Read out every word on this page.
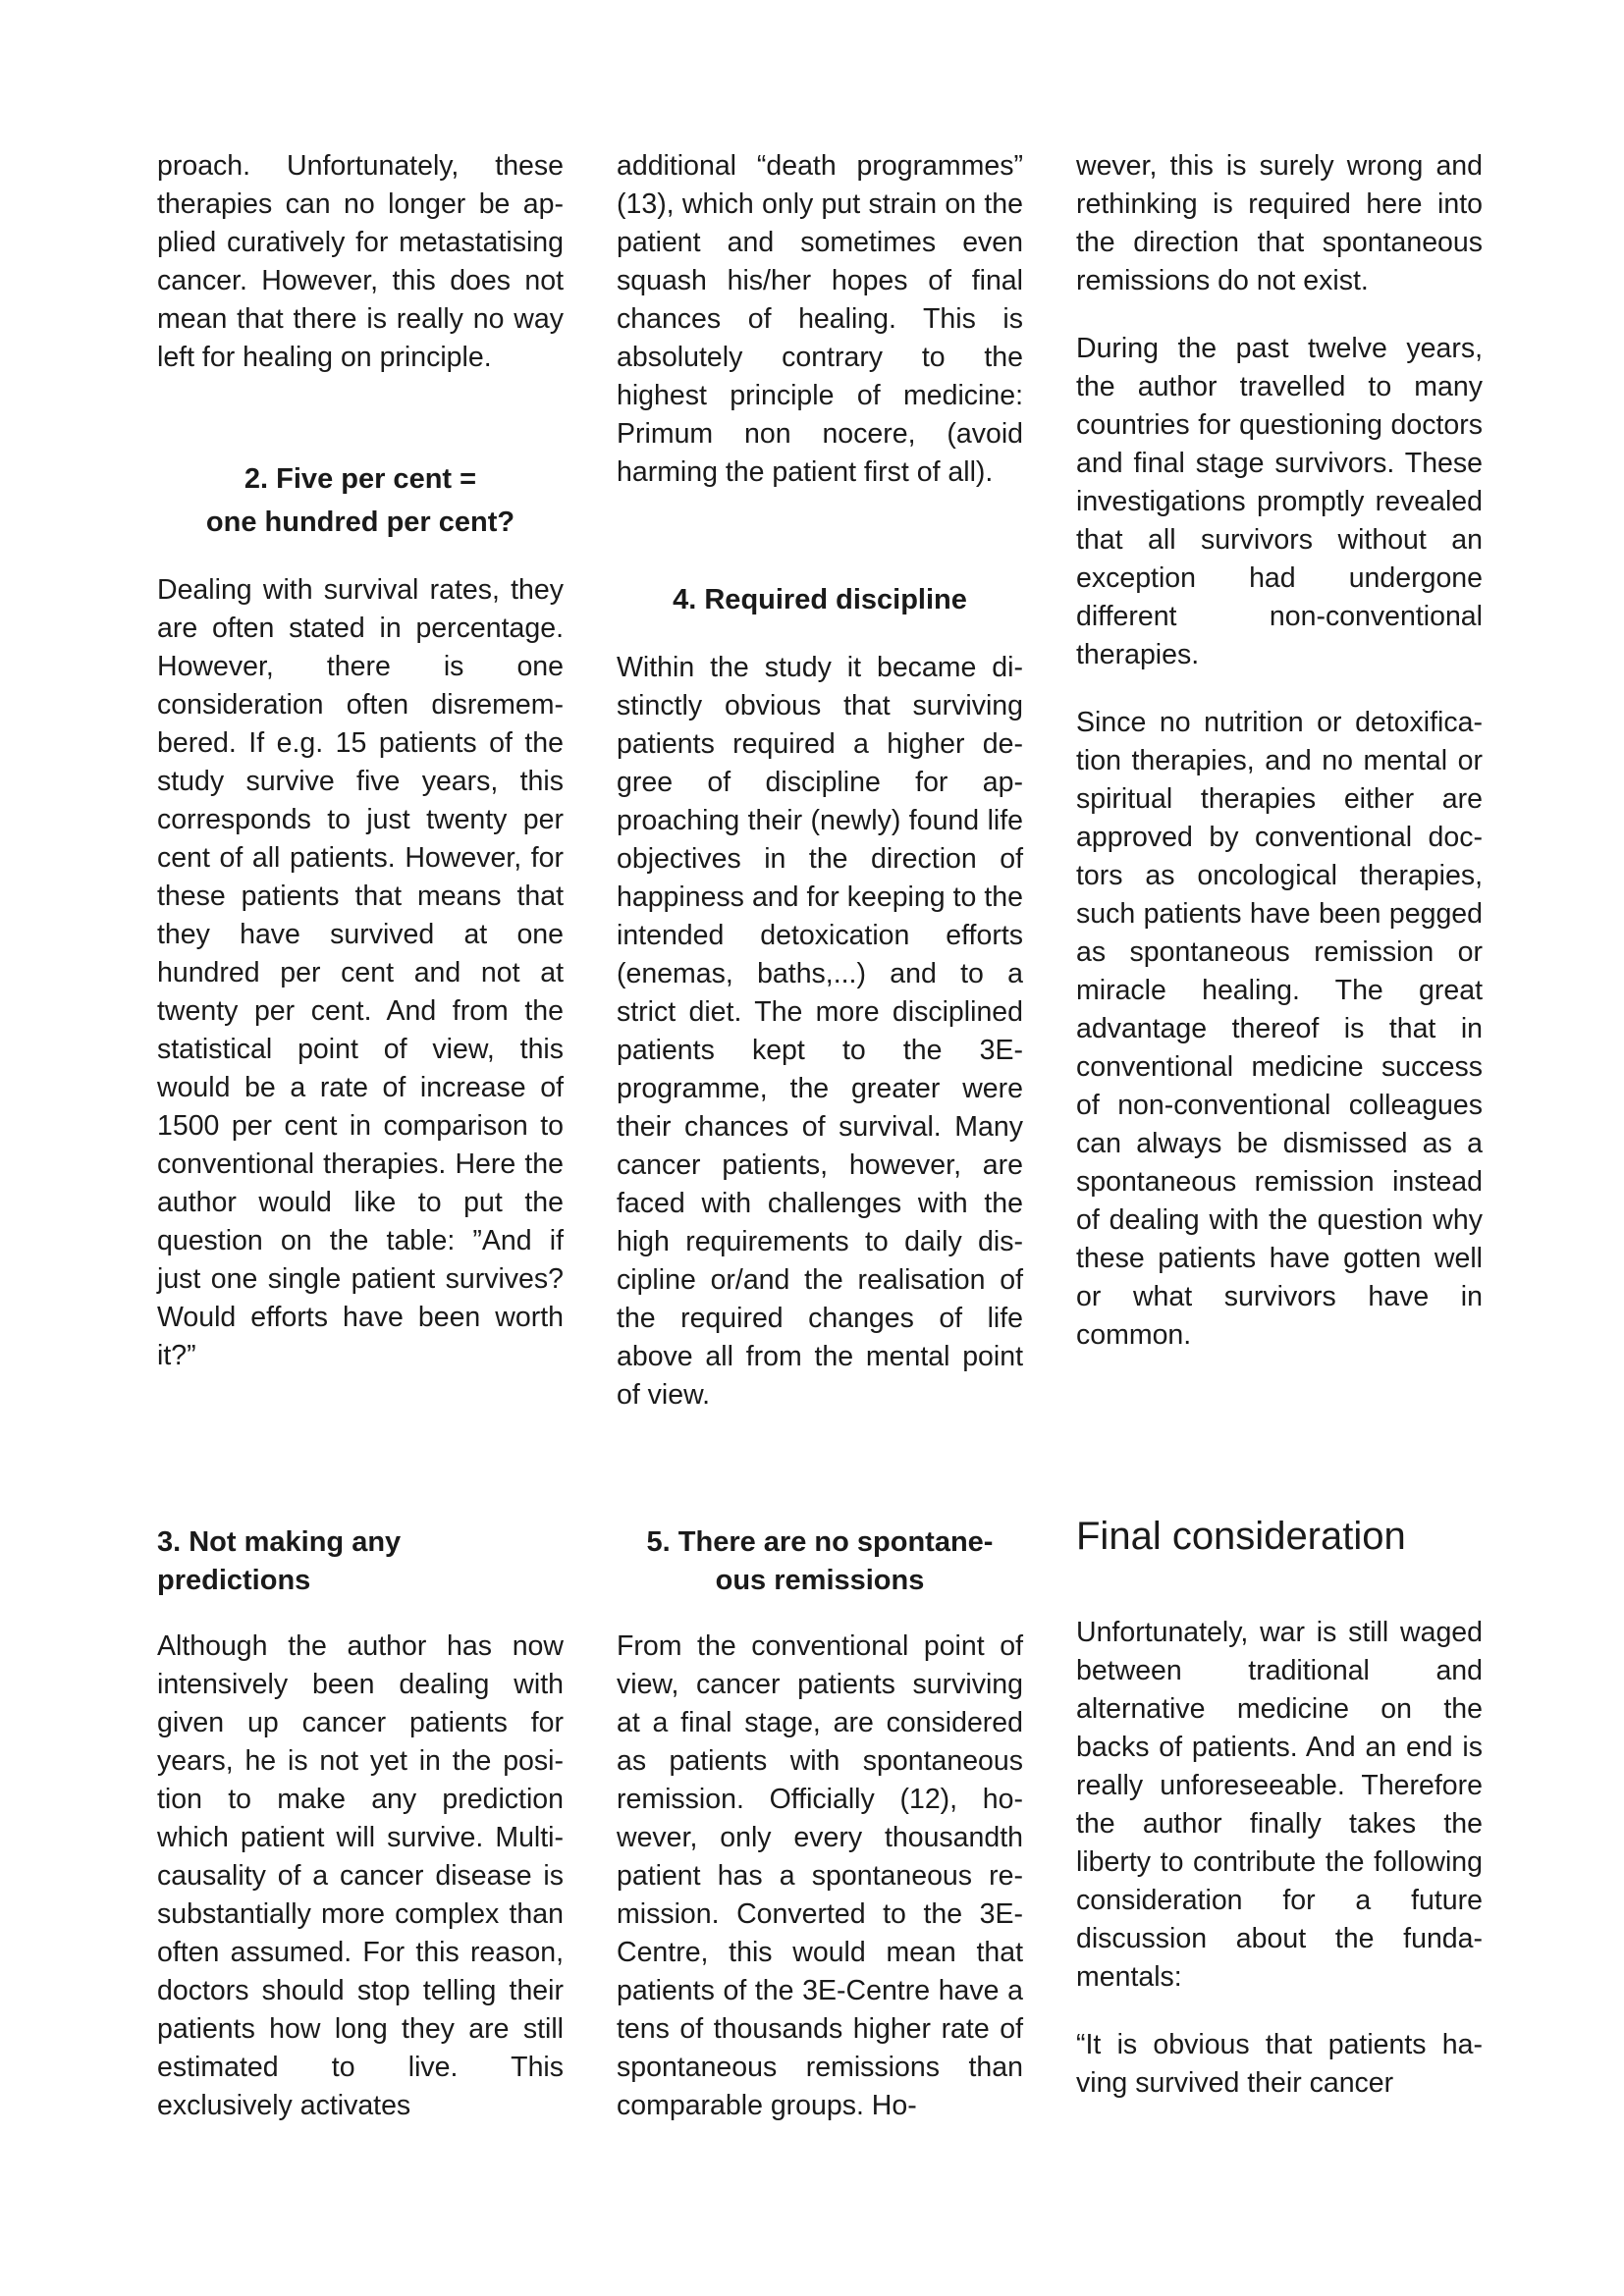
proach. Unfortunately, these therapies can no longer be applied curatively for metastatising cancer. However, this does not mean that there is really no way left for healing on principle.

2. Five per cent =
one hundred per cent?

Dealing with survival rates, they are often stated in percentage. However, there is one consideration often disremembered. If e.g. 15 patients of the study survive five years, this corresponds to just twenty per cent of all patients. However, for these patients that means that they have survived at one hundred per cent and not at twenty per cent. And from the statistical point of view, this would be a rate of increase of 1500 per cent in comparison to conventional therapies. Here the author would like to put the question on the table: ”And if just one single patient survives? Would efforts have been worth it?”

additional “death programmes” (13), which only put strain on the patient and sometimes even squash his/her hopes of final chances of healing. This is absolutely contrary to the highest principle of medicine: Primum non nocere, (avoid harming the patient first of all).

4. Required discipline

Within the study it became distinctly obvious that surviving patients required a higher degree of discipline for approaching their (newly) found life objectives in the direction of happiness and for keeping to the intended detoxication efforts (enemas, baths,...) and to a strict diet. The more disciplined patients kept to the 3E-programme, the greater were their chances of survival. Many cancer patients, however, are faced with challenges with the high requirements to daily discipline or/and the realisation of the required changes of life above all from the mental point of view.

wever, this is surely wrong and rethinking is required here into the direction that spontaneous remissions do not exist.

During the past twelve years, the author travelled to many countries for questioning doctors and final stage survivors. These investigations promptly revealed that all survivors without an exception had undergone different non-conventional therapies.

Since no nutrition or detoxification therapies, and no mental or spiritual therapies either are approved by conventional doctors as oncological therapies, such patients have been pegged as spontaneous remission or miracle healing. The great advantage thereof is that in conventional medicine success of non-conventional colleagues can always be dismissed as a spontaneous remission instead of dealing with the question why these patients have gotten well or what survivors have in common.

3. Not making any
predictions

Although the author has now intensively been dealing with given up cancer patients for years, he is not yet in the position to make any prediction which patient will survive. Multi-causality of a cancer disease is substantially more complex than often assumed. For this reason, doctors should stop telling their patients how long they are still estimated to live. This exclusively activates

5. There are no spontane-
ous remissions

From the conventional point of view, cancer patients surviving at a final stage, are considered as patients with spontaneous remission. Officially (12), however, only every thousandth patient has a spontaneous remission. Converted to the 3E-Centre, this would mean that patients of the 3E-Centre have a tens of thousands higher rate of spontaneous remissions than comparable groups. Ho-

Final consideration

Unfortunately, war is still waged between traditional and alternative medicine on the backs of patients. And an end is really unforeseeable. Therefore the author finally takes the liberty to contribute the following consideration for a future discussion about the fundamentals:

“It is obvious that patients having survived their cancer
